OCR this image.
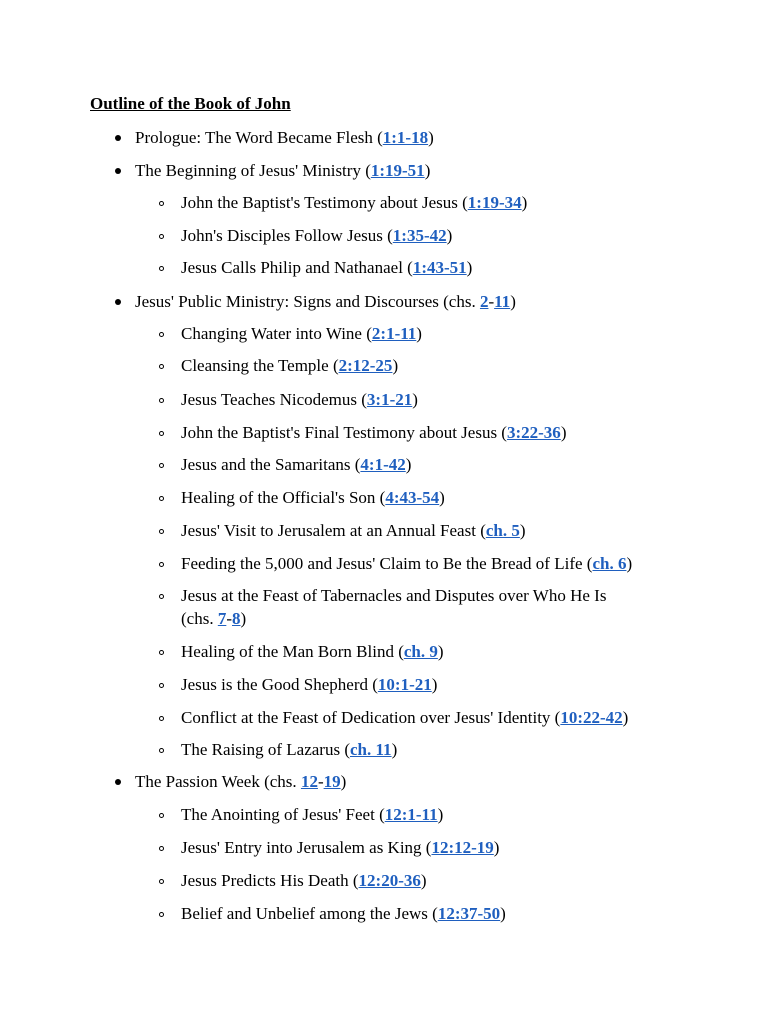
Outline of the Book of John
Prologue: The Word Became Flesh (1:1-18)
The Beginning of Jesus' Ministry (1:19-51)
John the Baptist's Testimony about Jesus (1:19-34)
John's Disciples Follow Jesus (1:35-42)
Jesus Calls Philip and Nathanael (1:43-51)
Jesus' Public Ministry: Signs and Discourses (chs. 2-11)
Changing Water into Wine (2:1-11)
Cleansing the Temple (2:12-25)
Jesus Teaches Nicodemus (3:1-21)
John the Baptist's Final Testimony about Jesus (3:22-36)
Jesus and the Samaritans (4:1-42)
Healing of the Official's Son (4:43-54)
Jesus' Visit to Jerusalem at an Annual Feast (ch. 5)
Feeding the 5,000 and Jesus' Claim to Be the Bread of Life (ch. 6)
Jesus at the Feast of Tabernacles and Disputes over Who He Is
(chs. 7-8)
Healing of the Man Born Blind (ch. 9)
Jesus is the Good Shepherd (10:1-21)
Conflict at the Feast of Dedication over Jesus' Identity (10:22-42)
The Raising of Lazarus (ch. 11)
The Passion Week (chs. 12-19)
The Anointing of Jesus' Feet (12:1-11)
Jesus' Entry into Jerusalem as King (12:12-19)
Jesus Predicts His Death (12:20-36)
Belief and Unbelief among the Jews (12:37-50)
